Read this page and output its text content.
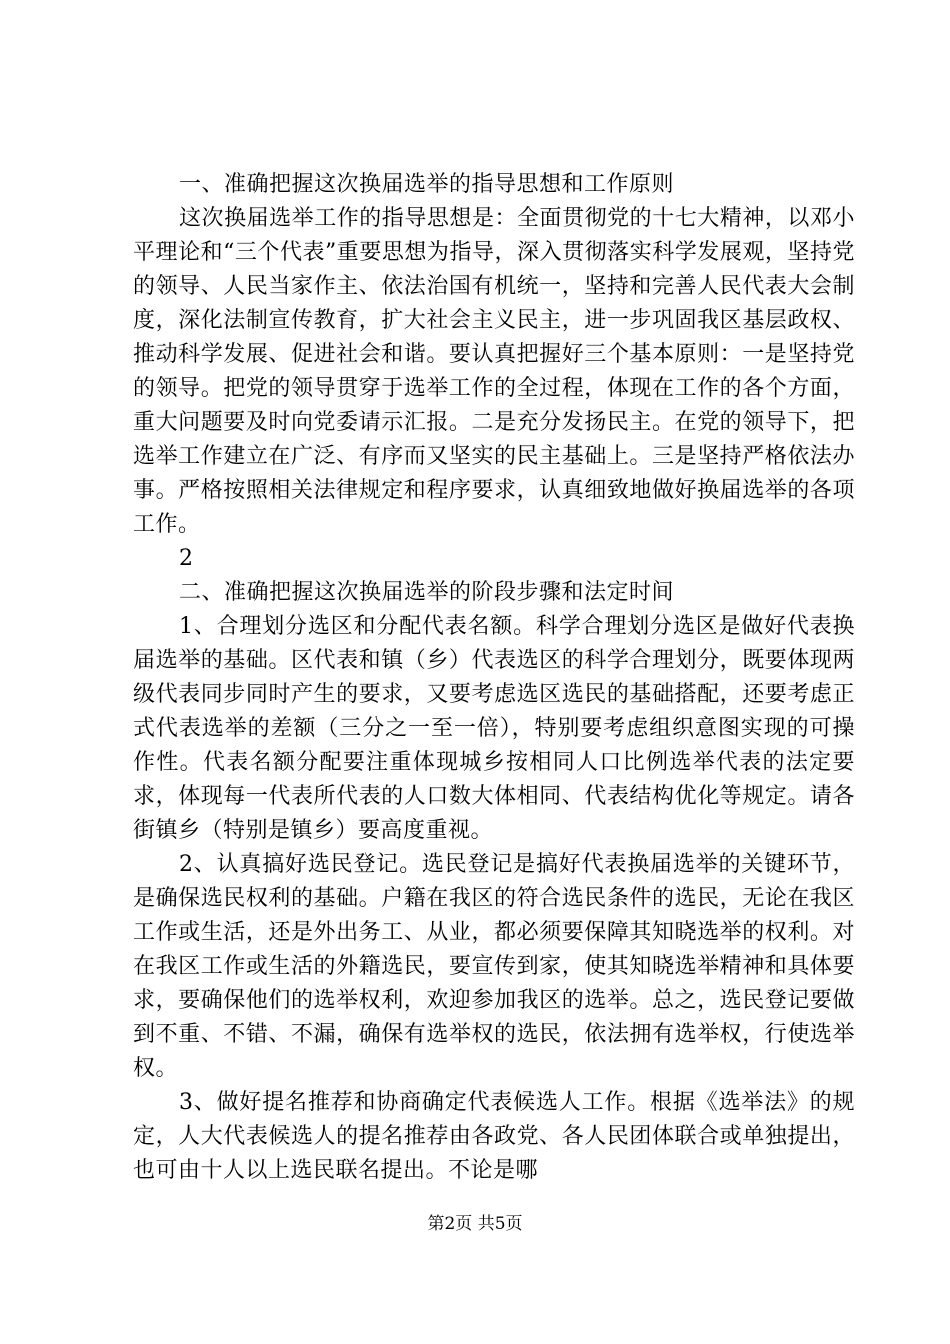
一、准确把握这次换届选举的指导思想和工作原则

这次换届选举工作的指导思想是：全面贯彻党的十七大精神，以邓小平理论和“三个代表”重要思想为指导，深入贯彻落实科学发展观，坚持党的领导、人民当家作主、依法治国有机统一，坚持和完善人民代表大会制度，深化法制宣传教育，扩大社会主义民主，进一步巩固我区基层政权、推动科学发展、促进社会和谐。要认真把握好三个基本原则：一是坚持党的领导。把党的领导贯穿于选举工作的全过程，体现在工作的各个方面，重大问题要及时向党委请示汇报。二是充分发扬民主。在党的领导下，把选举工作建立在广泛、有序而又坚实的民主基础上。三是坚持严格依法办事。严格按照相关法律规定和程序要求，认真细致地做好换届选举的各项工作。

2

二、准确把握这次换届选举的阶段步骤和法定时间

1、合理划分选区和分配代表名额。科学合理划分选区是做好代表换届选举的基础。区代表和镇（乡）代表选区的科学合理划分，既要体现两级代表同步同时产生的要求，又要考虑选区选民的基础搭配，还要考虑正式代表选举的差额（三分之一至一倍），特别要考虑组织意图实现的可操作性。代表名额分配要注重体现城乡按相同人口比例选举代表的法定要求，体现每一代表所代表的人口数大体相同、代表结构优化等规定。请各街镇乡（特别是镇乡）要高度重视。

2、认真搞好选民登记。选民登记是搞好代表换届选举的关键环节，是确保选民权利的基础。户籍在我区的符合选民条件的选民，无论在我区工作或生活，还是外出务工、从业，都必须要保障其知晓选举的权利。对在我区工作或生活的外籍选民，要宣传到家，使其知晓选举精神和具体要求，要确保他们的选举权利，欢迎参加我区的选举。总之，选民登记要做到不重、不错、不漏，确保有选举权的选民，依法拥有选举权，行使选举权。

3、做好提名推荐和协商确定代表候选人工作。根据《选举法》的规定，人大代表候选人的提名推荐由各政党、各人民团体联合或单独提出，也可由十人以上选民联名提出。不论是哪

第2页 共5页
